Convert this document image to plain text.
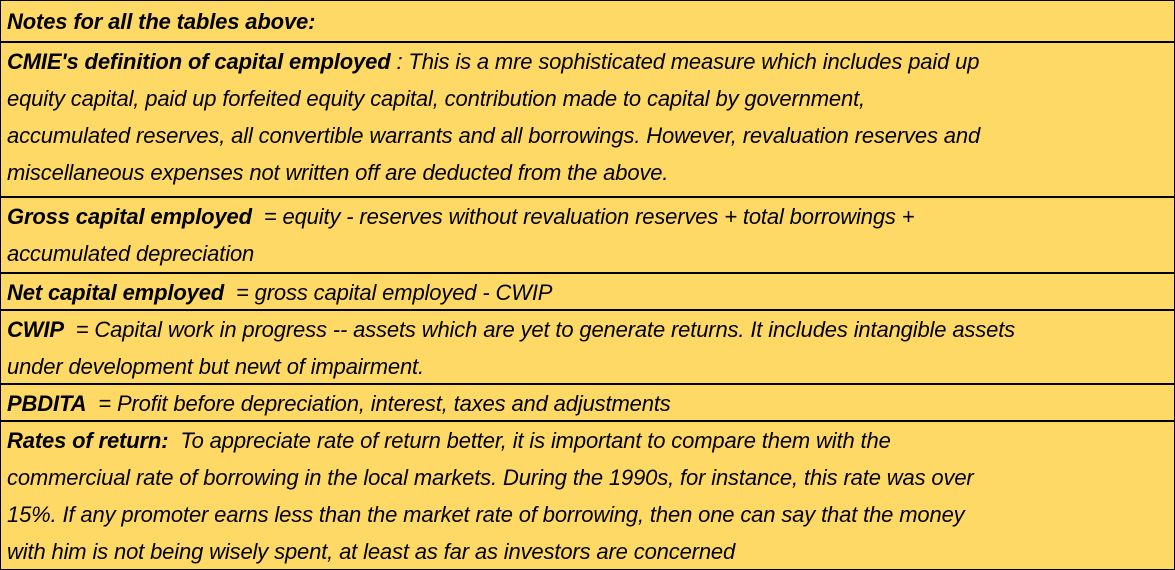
Notes for all the tables above:
CMIE's definition of capital employed : This is a mre sophisticated measure which includes paid up
equity capital, paid up forfeited equity capital, contribution made to capital by government,
accumulated reserves, all convertible warrants and all borrowings. However, revaluation reserves and
miscellaneous expenses not written off are deducted from the above.
Gross capital employed  = equity - reserves without revaluation reserves + total borrowings +
accumulated depreciation
Net capital employed  = gross capital employed - CWIP
CWIP  = Capital work in progress -- assets which are yet to generate returns. It includes intangible assets
under development but newt of impairment.
PBDITA  = Profit before depreciation, interest, taxes and adjustments
Rates of return:  To appreciate rate of return better, it is important to compare them with the
commerciual rate of borrowing in the local markets. During the 1990s, for instance, this rate was over
15%. If any promoter earns less than the market rate of borrowing, then one can say that the money
with him is not being wisely spent, at least as far as investors are concerned
